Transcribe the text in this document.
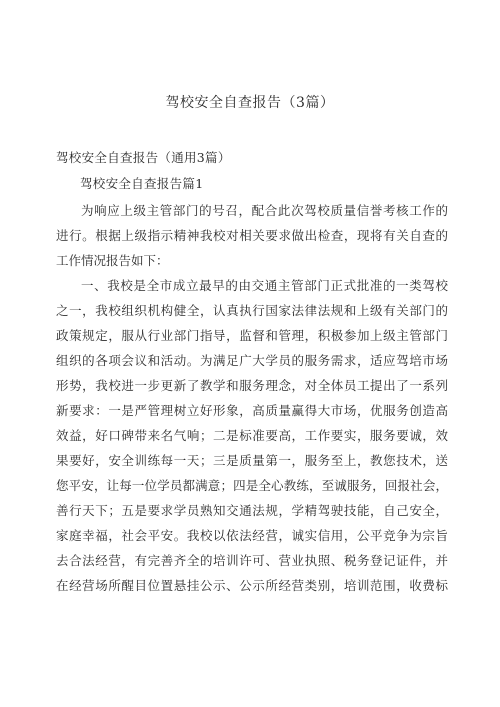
驾校安全自查报告（3篇）
驾校安全自查报告（通用3篇）
驾校安全自查报告篇1
为响应上级主管部门的号召，配合此次驾校质量信誉考核工作的
进行。根据上级指示精神我校对相关要求做出检查，现将有关自查的
工作情况报告如下：
一、我校是全市成立最早的由交通主管部门正式批准的一类驾校
之一，我校组织机构健全，认真执行国家法律法规和上级有关部门的
政策规定，服从行业部门指导，监督和管理，积极参加上级主管部门
组织的各项会议和活动。为满足广大学员的服务需求，适应驾培市场
形势，我校进一步更新了教学和服务理念，对全体员工提出了一系列
新要求：一是严管理树立好形象，高质量赢得大市场，优服务创造高
效益，好口碑带来名气响；二是标准要高，工作要实，服务要诚，效
果要好，安全训练每一天；三是质量第一，服务至上，教您技术，送
您平安，让每一位学员都满意；四是全心教练，至诚服务，回报社会，
善行天下；五是要求学员熟知交通法规，学精驾驶技能，自己安全，
家庭幸福，社会平安。我校以依法经营，诚实信用，公平竞争为宗旨
去合法经营，有完善齐全的培训许可、营业执照、税务登记证件，并
在经营场所醒目位置悬挂公示、公示所经营类别，培训范围，收费标
